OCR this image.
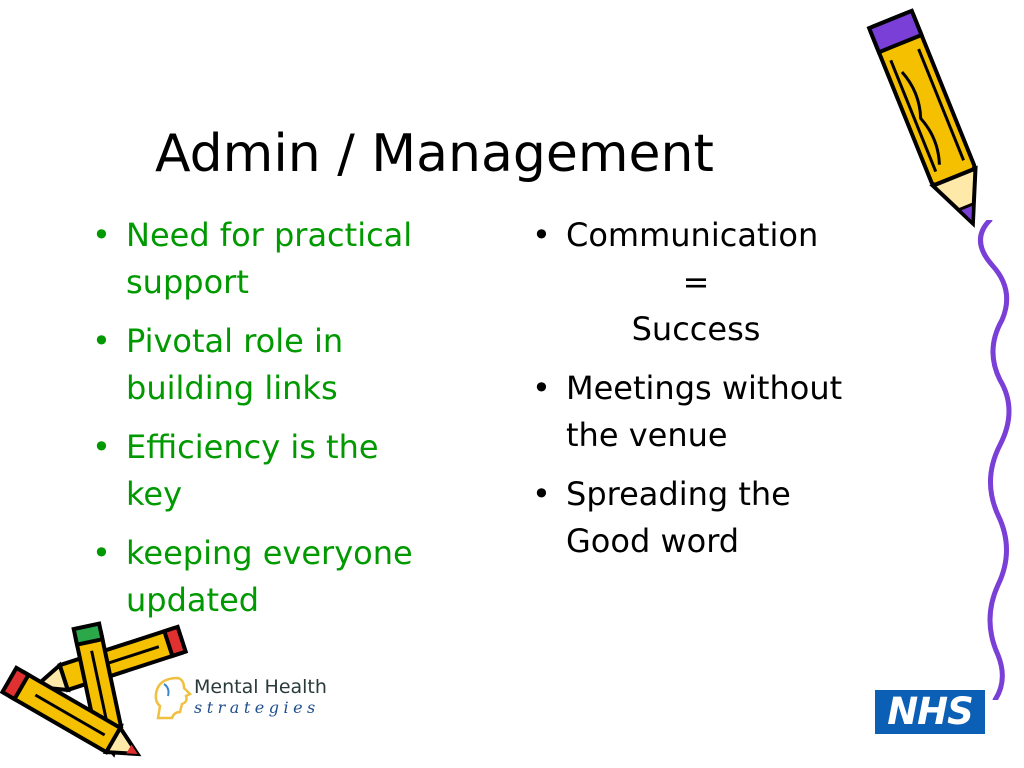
Admin / Management
• Need for practical
support
• Pivotal role in
building links
• Efficiency is the
key
• keeping everyone
updated
• Communication
=
Success
• Meetings without
the venue
• Spreading the
Good word
Mental Health
strategies	NHS
